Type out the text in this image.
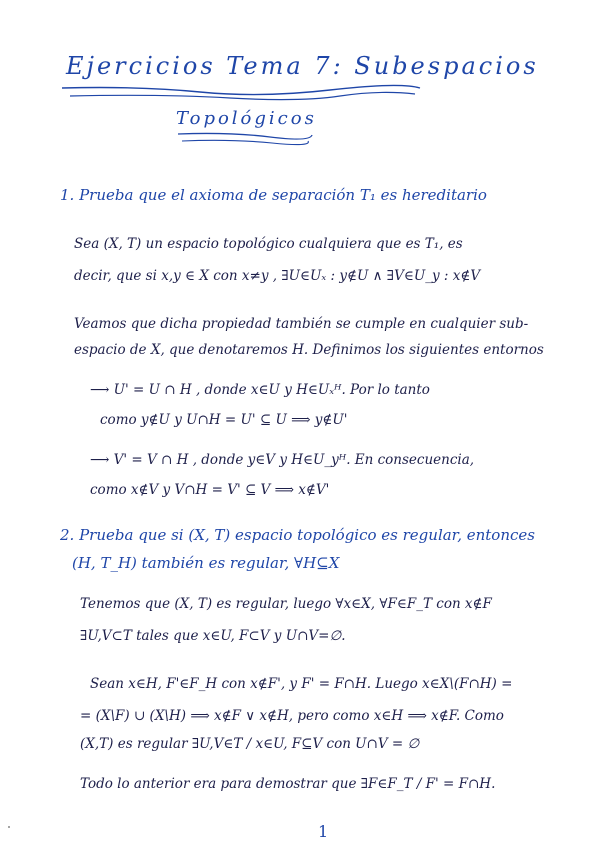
Ejercicios Tema 7: Subespacios
Topológicos
1. Prueba que el axioma de separación T₁ es hereditario
Sea (X, T) un espacio topológico cualquiera que es T₁, es
decir, que si x,y ∈ X con x≠y , ∃U∈Uₓ : y∉U ∧ ∃V∈U_y : x∉V
Veamos que dicha propiedad también se cumple en cualquier sub-
espacio de X, que denotaremos H. Definimos los siguientes entornos
⟶ U' = U ∩ H , donde x∈U y H∈Uₓᴴ. Por lo tanto
como y∉U y U∩H = U' ⊆ U ⟹ y∉U'
⟶ V' = V ∩ H , donde y∈V y H∈U_yᴴ. En consecuencia,
como x∉V y V∩H = V' ⊆ V ⟹ x∉V'
2. Prueba que si (X, T) espacio topológico es regular, entonces
(H, T_H) también es regular, ∀H⊆X
Tenemos que (X, T) es regular, luego ∀x∈X, ∀F∈F_T con x∉F
∃U,V⊂T tales que x∈U, F⊂V y U∩V=∅.
Sean x∈H, F'∈F_H con x∉F', y F' = F∩H. Luego x∈X\(F∩H) =
= (X\F) ∪ (X\H) ⟹ x∉F ∨ x∉H, pero como x∈H ⟹ x∉F. Como
(X,T) es regular ∃U,V∈T / x∈U, F⊆V con U∩V = ∅
Todo lo anterior era para demostrar que ∃F∈F_T / F' = F∩H.
1
